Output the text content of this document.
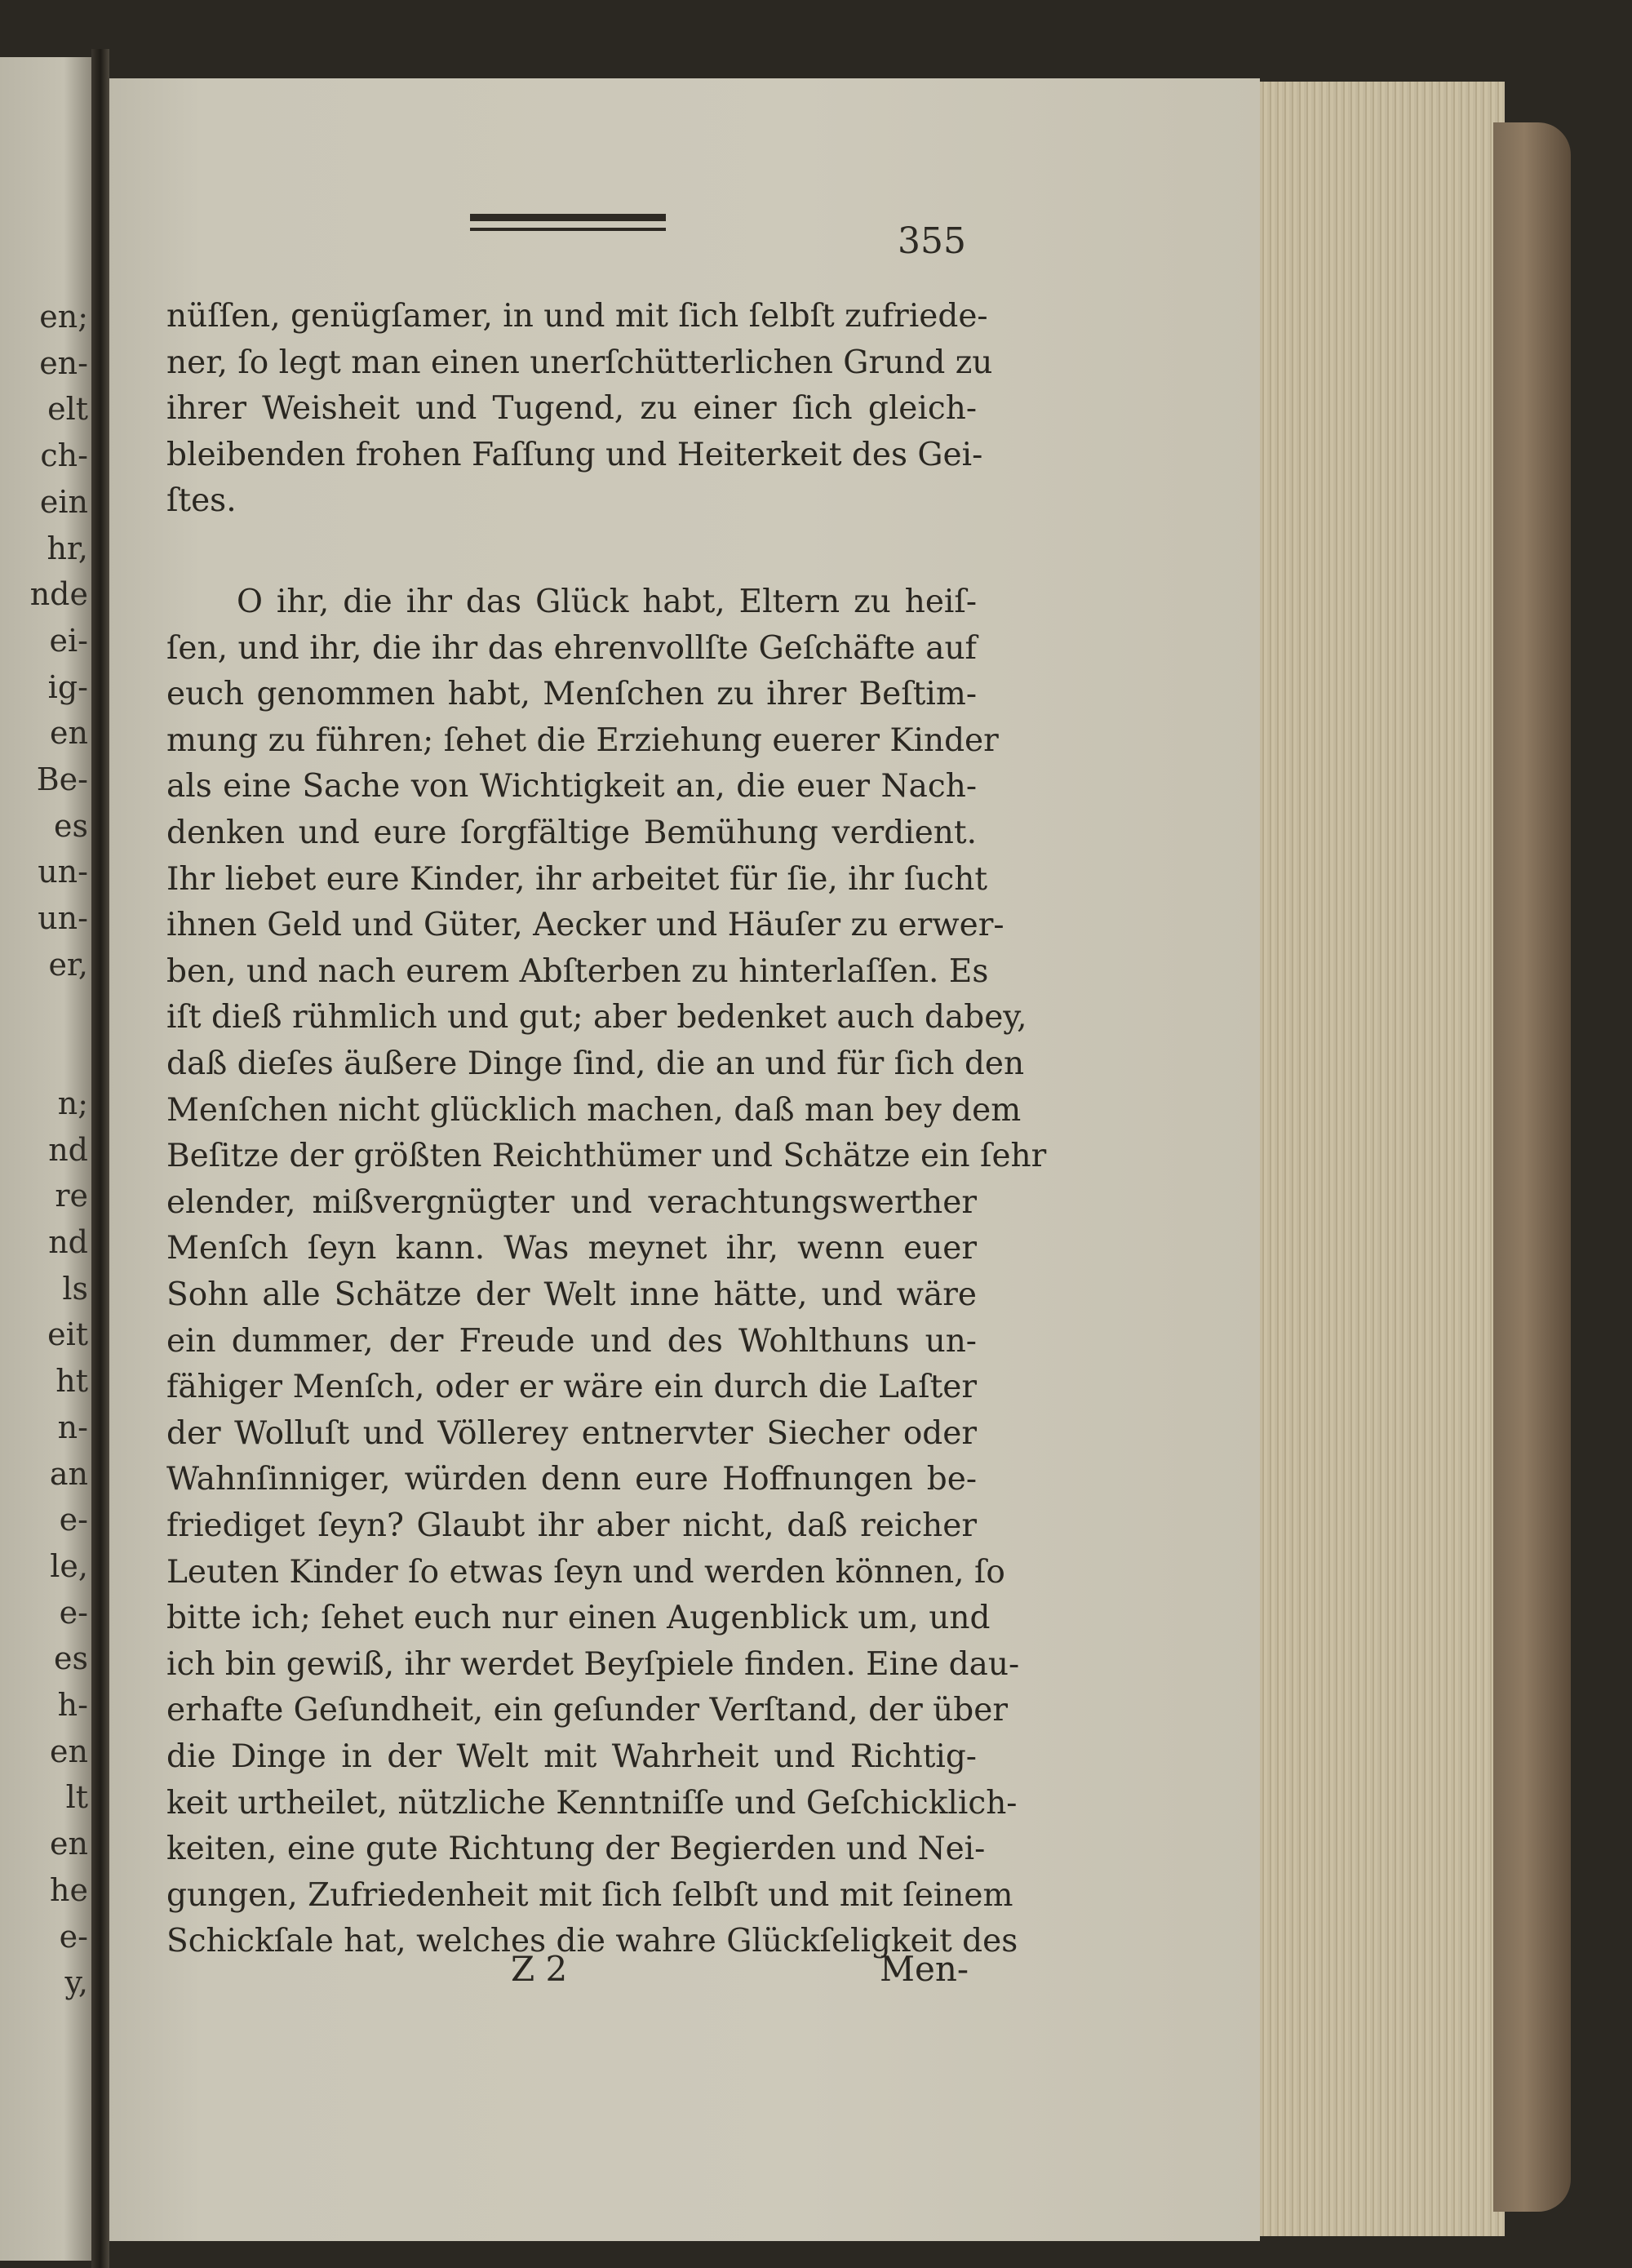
en;
en-
elt
ch-
ein
hr,
nde
ei-
ig-
en
Be-
es
un-
un-
er,
n;
nd
re
nd
ls
eit
ht
n-
an
e-
le,
e-
es
h-
en
lt
en
he
e-
y,
355
nüſſen, genügſamer, in und mit ſich ſelbſt zufriede-
ner, ſo legt man einen unerſchütterlichen Grund zu
ihrer Weisheit und Tugend, zu einer ſich gleich-
bleibenden frohen Faſſung und Heiterkeit des Gei-
ſtes.
O ihr, die ihr das Glück habt, Eltern zu heiſ-
ſen, und ihr, die ihr das ehrenvollſte Geſchäfte auf
euch genommen habt, Menſchen zu ihrer Beſtim-
mung zu führen; ſehet die Erziehung euerer Kinder
als eine Sache von Wichtigkeit an, die euer Nach-
denken und eure ſorgfältige Bemühung verdient.
Ihr liebet eure Kinder, ihr arbeitet für ſie, ihr ſucht
ihnen Geld und Güter, Aecker und Häuſer zu erwer-
ben, und nach eurem Abſterben zu hinterlaſſen. Es
iſt dieß rühmlich und gut; aber bedenket auch dabey,
daß dieſes äußere Dinge ſind, die an und für ſich den
Menſchen nicht glücklich machen, daß man bey dem
Beſitze der größten Reichthümer und Schätze ein ſehr
elender, mißvergnügter und verachtungswerther
Menſch ſeyn kann. Was meynet ihr, wenn euer
Sohn alle Schätze der Welt inne hätte, und wäre
ein dummer, der Freude und des Wohlthuns un-
fähiger Menſch, oder er wäre ein durch die Laſter
der Wolluſt und Völlerey entnervter Siecher oder
Wahnſinniger, würden denn eure Hoffnungen be-
friediget ſeyn? Glaubt ihr aber nicht, daß reicher
Leuten Kinder ſo etwas ſeyn und werden können, ſo
bitte ich; ſehet euch nur einen Augenblick um, und
ich bin gewiß, ihr werdet Beyſpiele finden. Eine dau-
erhafte Geſundheit, ein geſunder Verſtand, der über
die Dinge in der Welt mit Wahrheit und Richtig-
keit urtheilet, nützliche Kenntniſſe und Geſchicklich-
keiten, eine gute Richtung der Begierden und Nei-
gungen, Zufriedenheit mit ſich ſelbſt und mit ſeinem
Schickſale hat, welches die wahre Glückſeligkeit des
Z 2	Men-
